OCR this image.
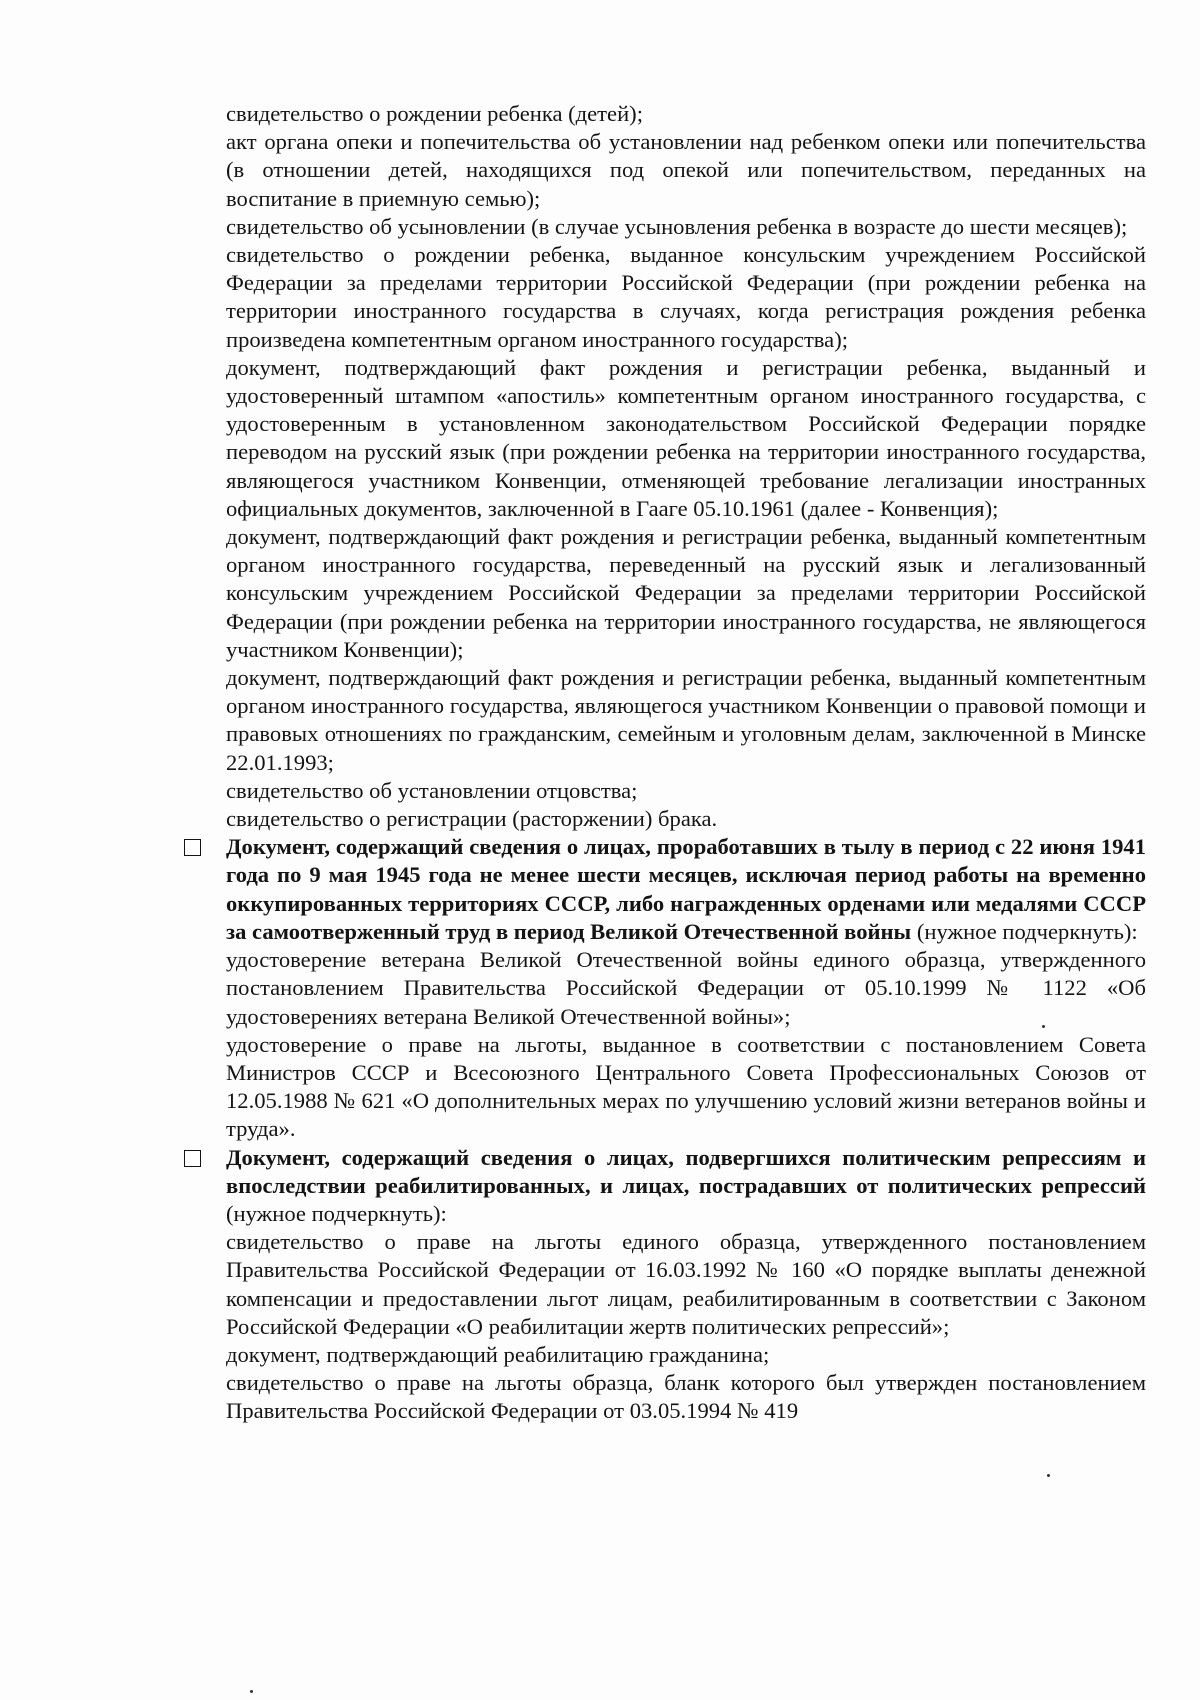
свидетельство о рождении ребенка (детей);

акт органа опеки и попечительства об установлении над ребенком опеки или попечительства (в отношении детей, находящихся под опекой или попечительством, переданных на воспитание в приемную семью);

свидетельство об усыновлении (в случае усыновления ребенка в возрасте до шести месяцев);

свидетельство о рождении ребенка, выданное консульским учреждением Российской Федерации за пределами территории Российской Федерации (при рождении ребенка на территории иностранного государства в случаях, когда регистрация рождения ребенка произведена компетентным органом иностранного государства);

документ, подтверждающий факт рождения и регистрации ребенка, выданный и удостоверенный штампом «апостиль» компетентным органом иностранного государства, с удостоверенным в установленном законодательством Российской Федерации порядке переводом на русский язык (при рождении ребенка на территории иностранного государства, являющегося участником Конвенции, отменяющей требование легализации иностранных официальных документов, заключенной в Гааге 05.10.1961 (далее - Конвенция);

документ, подтверждающий факт рождения и регистрации ребенка, выданный компетентным органом иностранного государства, переведенный на русский язык и легализованный консульским учреждением Российской Федерации за пределами территории Российской Федерации (при рождении ребенка на территории иностранного государства, не являющегося участником Конвенции);

документ, подтверждающий факт рождения и регистрации ребенка, выданный компетентным органом иностранного государства, являющегося участником Конвенции о правовой помощи и правовых отношениях по гражданским, семейным и уголовным делам, заключенной в Минске 22.01.1993;

свидетельство об установлении отцовства;

свидетельство о регистрации (расторжении) брака.

Документ, содержащий сведения о лицах, проработавших в тылу в период с 22 июня 1941 года по 9 мая 1945 года не менее шести месяцев, исключая период работы на временно оккупированных территориях СССР, либо награжденных орденами или медалями СССР за самоотверженный труд в период Великой Отечественной войны (нужное подчеркнуть):

удостоверение ветерана Великой Отечественной войны единого образца, утвержденного постановлением Правительства Российской Федерации от 05.10.1999 № 1122 «Об удостоверениях ветерана Великой Отечественной войны»;

удостоверение о праве на льготы, выданное в соответствии с постановлением Совета Министров СССР и Всесоюзного Центрального Совета Профессиональных Союзов от 12.05.1988 № 621 «О дополнительных мерах по улучшению условий жизни ветеранов войны и труда».

Документ, содержащий сведения о лицах, подвергшихся политическим репрессиям и впоследствии реабилитированных, и лицах, пострадавших от политических репрессий (нужное подчеркнуть):

свидетельство о праве на льготы единого образца, утвержденного постановлением Правительства Российской Федерации от 16.03.1992 № 160 «О порядке выплаты денежной компенсации и предоставлении льгот лицам, реабилитированным в соответствии с Законом Российской Федерации «О реабилитации жертв политических репрессий»;

документ, подтверждающий реабилитацию гражданина;

свидетельство о праве на льготы образца, бланк которого был утвержден постановлением Правительства Российской Федерации от 03.05.1994 № 419
